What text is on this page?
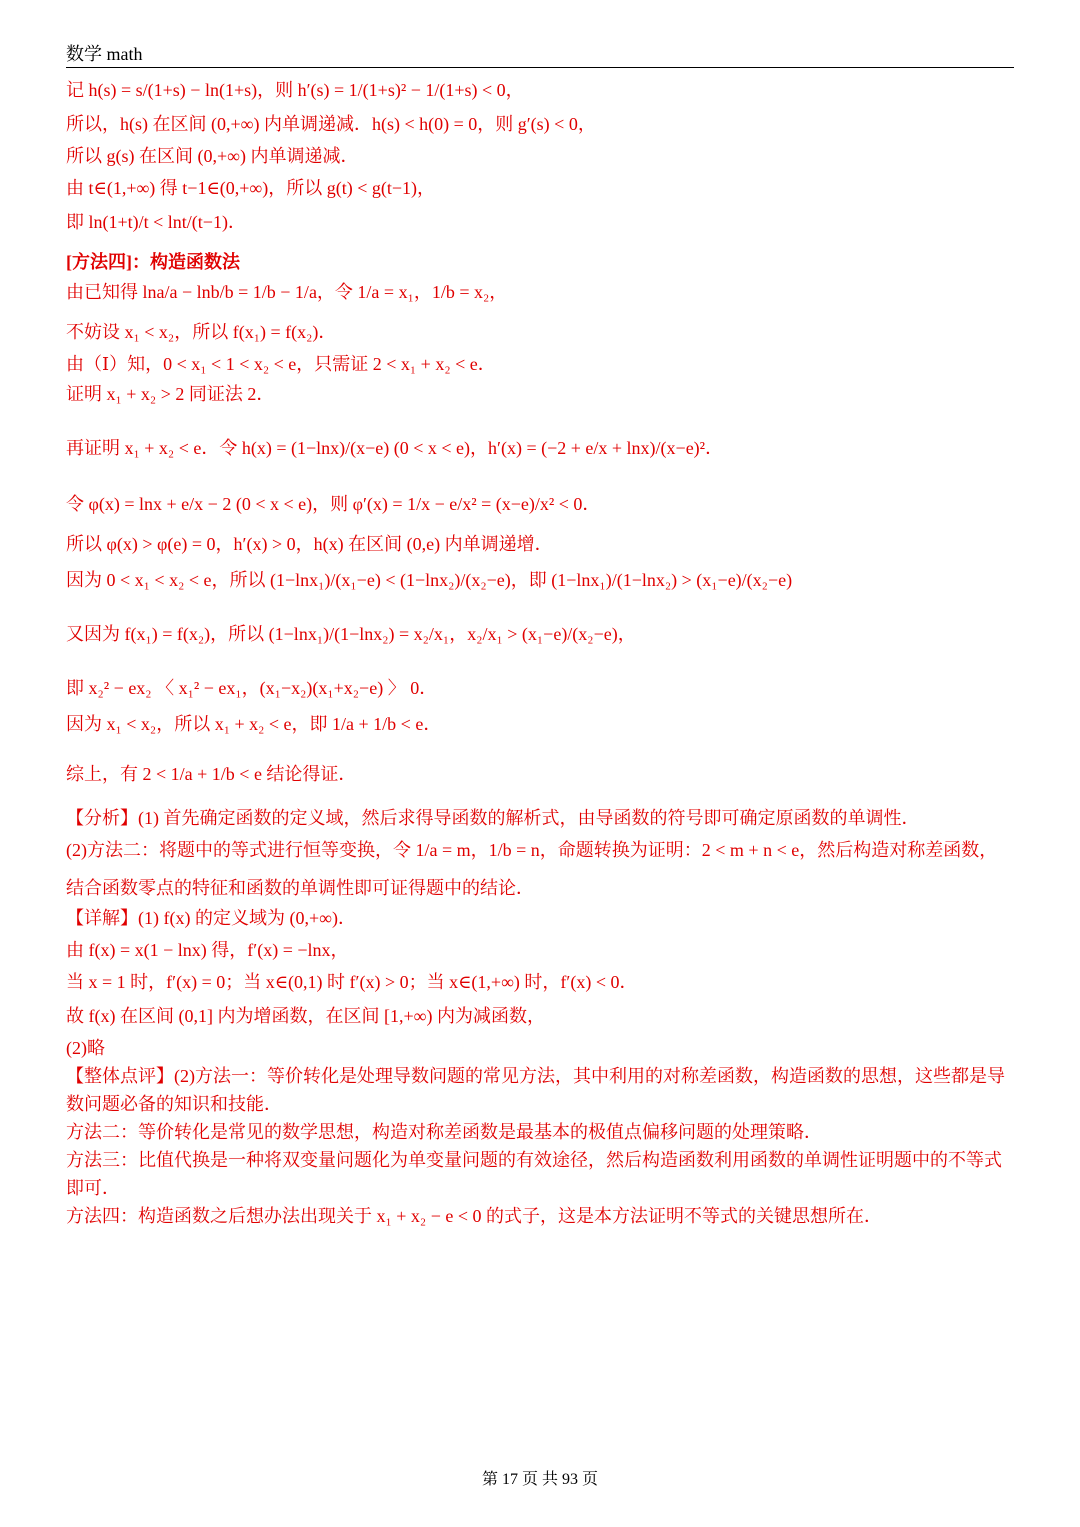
数学 math

记 h(s) = s/(1+s) − ln(1+s)，则 h′(s) = 1/(1+s)² − 1/(1+s) < 0，

所以，h(s) 在区间 (0,+∞) 内单调递减．h(s) < h(0) = 0，则 g′(s) < 0，

所以 g(s) 在区间 (0,+∞) 内单调递减．

由 t∈(1,+∞) 得 t−1∈(0,+∞)，所以 g(t) < g(t−1)，

即 ln(1+t)/t < lnt/(t−1)．

[方法四]：构造函数法

由已知得 lna/a − lnb/b = 1/b − 1/a，令 1/a = x₁，1/b = x₂，

不妨设 x₁ < x₂，所以 f(x₁) = f(x₂)．

由（Ⅰ）知，0 < x₁ < 1 < x₂ < e，只需证 2 < x₁ + x₂ < e．

证明 x₁ + x₂ > 2 同证法 2．

再证明 x₁ + x₂ < e．令 h(x) = (1−lnx)/(x−e) (0 < x < e)，h′(x) = (−2 + e/x + lnx)/(x−e)²．

令 φ(x) = lnx + e/x − 2 (0 < x < e)，则 φ′(x) = 1/x − e/x² = (x−e)/x² < 0．

所以 φ(x) > φ(e) = 0，h′(x) > 0，h(x) 在区间 (0,e) 内单调递增．

因为 0 < x₁ < x₂ < e，所以 (1−lnx₁)/(x₁−e) < (1−lnx₂)/(x₂−e)，即 (1−lnx₁)/(1−lnx₂) > (x₁−e)/(x₂−e)

又因为 f(x₁) = f(x₂)，所以 (1−lnx₁)/(1−lnx₂) = x₂/x₁，x₂/x₁ > (x₁−e)/(x₂−e)，

即 x₂² − ex₂ 〈 x₁² − ex₁，(x₁−x₂)(x₁+x₂−e) 〉 0．

因为 x₁ < x₂，所以 x₁ + x₂ < e，即 1/a + 1/b < e．

综上，有 2 < 1/a + 1/b < e 结论得证．

【分析】(1) 首先确定函数的定义域，然后求得导函数的解析式，由导函数的符号即可确定原函数的单调性．

(2)方法二：将题中的等式进行恒等变换，令 1/a = m，1/b = n，命题转换为证明：2 < m + n < e，然后构造对称差函数，

结合函数零点的特征和函数的单调性即可证得题中的结论．

【详解】(1) f(x) 的定义域为 (0,+∞)．

由 f(x) = x(1 − lnx) 得，f′(x) = −lnx，

当 x = 1 时，f′(x) = 0；当 x∈(0,1) 时 f′(x) > 0；当 x∈(1,+∞) 时，f′(x) < 0．

故 f(x) 在区间 (0,1] 内为增函数，在区间 [1,+∞) 内为减函数，

(2)略

【整体点评】(2)方法一：等价转化是处理导数问题的常见方法，其中利用的对称差函数，构造函数的思想，这些都是导数问题必备的知识和技能．

方法二：等价转化是常见的数学思想，构造对称差函数是最基本的极值点偏移问题的处理策略．

方法三：比值代换是一种将双变量问题化为单变量问题的有效途径，然后构造函数利用函数的单调性证明题中的不等式即可．

方法四：构造函数之后想办法出现关于 x₁ + x₂ − e < 0 的式子，这是本方法证明不等式的关键思想所在．

第 17 页 共 93 页
